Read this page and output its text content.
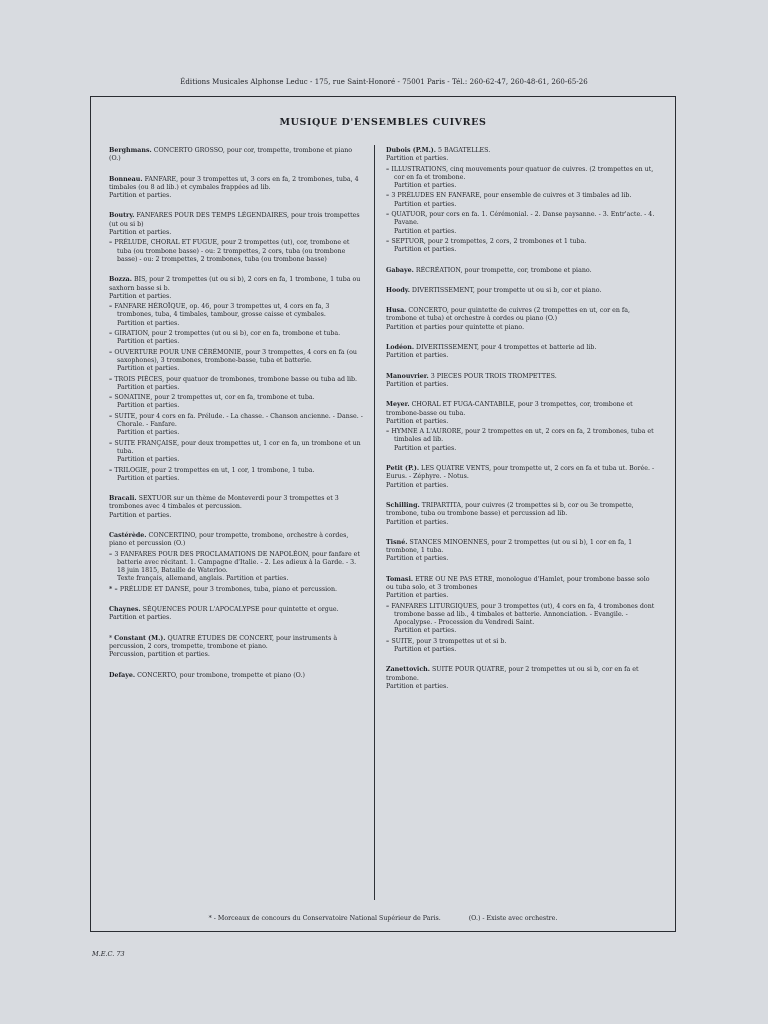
Éditions Musicales Alphonse Leduc - 175, rue Saint-Honoré - 75001 Paris - Tél.: 260-62-47, 260-48-61, 260-65-26
MUSIQUE D'ENSEMBLES CUIVRES
Berghmans. CONCERTO GROSSO, pour cor, trompette, trombone et piano (O.)
Bonneau. FANFARE, pour 3 trompettes ut, 3 cors en fa, 2 trombones, tuba, 4 timbales (ou 8 ad lib.) et cymbales frappées ad lib.
Partition et parties.
Boutry. FANFARES POUR DES TEMPS LÉGENDAIRES, pour trois trompettes (ut ou si b)
Partition et parties.
– PRÉLUDE, CHORAL ET FUGUE, pour 2 trompettes (ut), cor, trombone et tuba (ou trombone basse) - ou: 2 trompettes, 2 cors, tuba (ou trombone basse) - ou: 2 trompettes, 2 trombones, tuba (ou trombone basse)
Bozza. BIS, pour 2 trompettes (ut ou si b), 2 cors en fa, 1 trombone, 1 tuba ou saxhorn basse si b.
Partition et parties.
– FANFARE HÉROÏQUE, op. 46, pour 3 trompettes ut, 4 cors en fa, 3 trombones, tuba, 4 timbales, tambour, grosse caisse et cymbales.
Partition et parties.
– GIRATION, pour 2 trompettes (ut ou si b), cor en fa, trombone et tuba.
Partition et parties.
– OUVERTURE POUR UNE CÉRÉMONIE, pour 3 trompettes, 4 cors en fa (ou saxophones), 3 trombones, trombone-basse, tuba et batterie.
Partition et parties.
– TROIS PIÈCES, pour quatuor de trombones, trombone basse ou tuba ad lib.
Partition et parties.
– SONATINE, pour 2 trompettes ut, cor en fa, trombone et tuba.
Partition et parties.
– SUITE, pour 4 cors en fa. Prélude. - La chasse. - Chanson ancienne. - Danse. - Chorale. - Fanfare.
Partition et parties.
– SUITE FRANÇAISE, pour deux trompettes ut, 1 cor en fa, un trombone et un tuba.
Partition et parties.
– TRILOGIE, pour 2 trompettes en ut, 1 cor, 1 trombone, 1 tuba.
Partition et parties.
Bracali. SEXTUOR sur un thème de Monteverdi pour 3 trompettes et 3 trombones avec 4 timbales et percussion.
Partition et parties.
Castérède. CONCERTINO, pour trompette, trombone, orchestre à cordes, piano et percussion (O.)
– 3 FANFARES POUR DES PROCLAMATIONS DE NAPOLÉON, pour fanfare et batterie avec récitant. 1. Campagne d'Italie. - 2. Les adieux à la Garde. - 3. 18 juin 1815, Bataille de Waterloo.
Texte français, allemand, anglais. Partition et parties.
* – PRÉLUDE ET DANSE, pour 3 trombones, tuba, piano et percussion.
Chaynes. SÉQUENCES POUR L'APOCALYPSE pour quintette et orgue.
Partition et parties.
* Constant (M.). QUATRE ÉTUDES DE CONCERT, pour instruments à percussion, 2 cors, trompette, trombone et piano.
Percussion, partition et parties.
Defaye. CONCERTO, pour trombone, trompette et piano (O.)
Dubois (P.M.). 5 BAGATELLES.
Partition et parties.
– ILLUSTRATIONS, cinq mouvements pour quatuor de cuivres. (2 trompettes en ut, cor en fa et trombone.
Partition et parties.
– 3 PRÉLUDES EN FANFARE, pour ensemble de cuivres et 3 timbales ad lib.
Partition et parties.
– QUATUOR, pour cors en fa. 1. Cérémonial. - 2. Danse paysanne. - 3. Entr'acte. - 4. Pavane.
Partition et parties.
– SEPTUOR, pour 2 trompettes, 2 cors, 2 trombones et 1 tuba.
Partition et parties.
Gabaye. RÉCRÉATION, pour trompette, cor, trombone et piano.
Hoody. DIVERTISSEMENT, pour trompette ut ou si b, cor et piano.
Husa. CONCERTO, pour quintette de cuivres (2 trompettes en ut, cor en fa, trombone et tuba) et orchestre à cordes ou piano (O.)
Partition et parties pour quintette et piano.
Lodéon. DIVERTISSEMENT, pour 4 trompettes et batterie ad lib.
Partition et parties.
Manouvrier. 3 PIECES POUR TROIS TROMPETTES.
Partition et parties.
Meyer. CHORAL ET FUGA-CANTABILE, pour 3 trompettes, cor, trombone et trombone-basse ou tuba.
Partition et parties.
– HYMNE A L'AURORE, pour 2 trompettes en ut, 2 cors en fa, 2 trombones, tuba et timbales ad lib.
Partition et parties.
Petit (P.). LES QUATRE VENTS, pour trompette ut, 2 cors en fa et tuba ut. Borée. - Eurus. - Zéphyre. - Notus.
Partition et parties.
Schilling. TRIPARTITA, pour cuivres (2 trompettes si b, cor ou 3e trompette, trombone, tuba ou trombone basse) et percussion ad lib.
Partition et parties.
Tisné. STANCES MINOENNES, pour 2 trompettes (ut ou si b), 1 cor en fa, 1 trombone, 1 tuba.
Partition et parties.
Tomasi. ETRE OU NE PAS ETRE, monologue d'Hamlet, pour trombone basse solo ou tuba solo, et 3 trombones
Partition et parties.
– FANFARES LITURGIQUES, pour 3 trompettes (ut), 4 cors en fa, 4 trombones dont trombone basse ad lib., 4 timbales et batterie. Annonciation. - Evangile. - Apocalypse. - Procession du Vendredi Saint.
Partition et parties.
– SUITE, pour 3 trompettes ut et si b.
Partition et parties.
Zanettovich. SUITE POUR QUATRE, pour 2 trompettes ut ou si b, cor en fa et trombone.
Partition et parties.
* - Morceaux de concours du Conservatoire National Supérieur de Paris.	(O.) - Existe avec orchestre.
M.E.C. 73
